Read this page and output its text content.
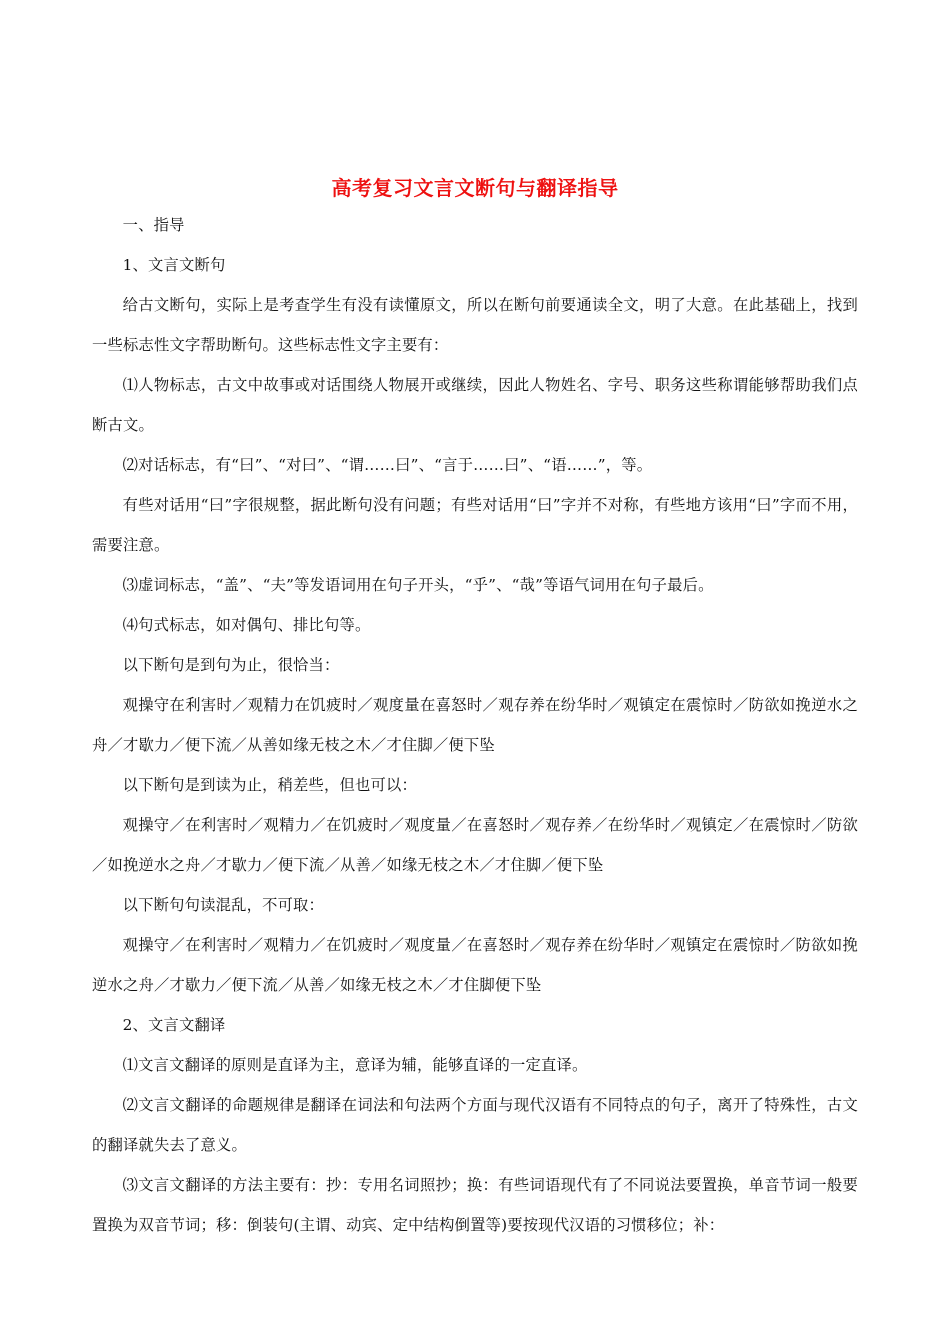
高考复习文言文断句与翻译指导

一、指导

1、文言文断句

给古文断句，实际上是考查学生有没有读懂原文，所以在断句前要通读全文，明了大意。在此基础上，找到一些标志性文字帮助断句。这些标志性文字主要有：

⑴人物标志，古文中故事或对话围绕人物展开或继续，因此人物姓名、字号、职务这些称谓能够帮助我们点断古文。

⑵对话标志，有“曰”、“对曰”、“谓……曰”、“言于……曰”、“语……”，等。

有些对话用“曰”字很规整，据此断句没有问题；有些对话用“曰”字并不对称，有些地方该用“曰”字而不用，需要注意。

⑶虚词标志，“盖”、“夫”等发语词用在句子开头，“乎”、“哉”等语气词用在句子最后。

⑷句式标志，如对偶句、排比句等。

以下断句是到句为止，很恰当：

观操守在利害时／观精力在饥疲时／观度量在喜怒时／观存养在纷华时／观镇定在震惊时／防欲如挽逆水之舟／才歇力／便下流／从善如缘无枝之木／才住脚／便下坠

以下断句是到读为止，稍差些，但也可以：

观操守／在利害时／观精力／在饥疲时／观度量／在喜怒时／观存养／在纷华时／观镇定／在震惊时／防欲／如挽逆水之舟／才歇力／便下流／从善／如缘无枝之木／才住脚／便下坠

以下断句句读混乱，不可取：

观操守／在利害时／观精力／在饥疲时／观度量／在喜怒时／观存养在纷华时／观镇定在震惊时／防欲如挽逆水之舟／才歇力／便下流／从善／如缘无枝之木／才住脚便下坠

2、文言文翻译

⑴文言文翻译的原则是直译为主，意译为辅，能够直译的一定直译。

⑵文言文翻译的命题规律是翻译在词法和句法两个方面与现代汉语有不同特点的句子，离开了特殊性，古文的翻译就失去了意义。

⑶文言文翻译的方法主要有：抄：专用名词照抄；换：有些词语现代有了不同说法要置换，单音节词一般要置换为双音节词；移：倒装句(主谓、动宾、定中结构倒置等)要按现代汉语的习惯移位；补：
